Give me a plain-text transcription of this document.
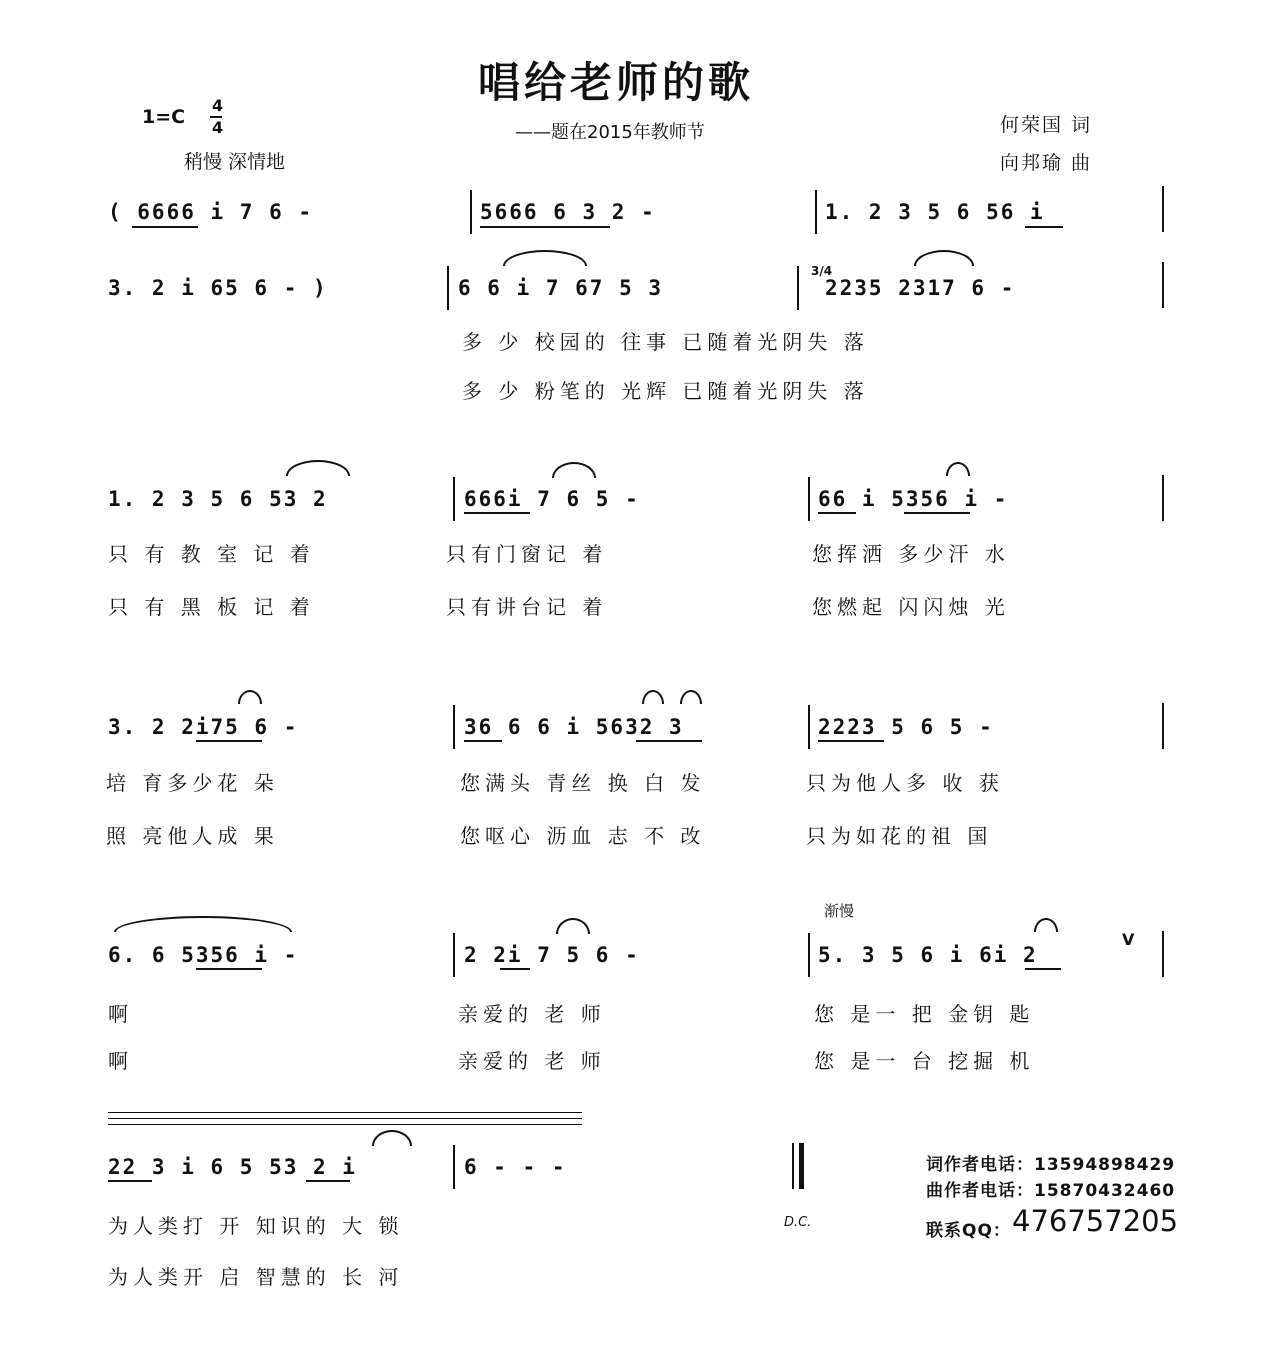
唱给老师的歌
——题在2015年教师节
1=C
4
4
稍慢 深情地
何荣国 词
向邦瑜 曲
( 6666 i 7 6 -	5666 6 3 2 -	1. 2 3 5 6 56 i
3. 2 i 65 6 - )	6 6 i 7 67 5 3
3/4
2235 2317 6 -
多 少 校园的 往事 已随着光阴失 落
多 少 粉笔的 光辉 已随着光阴失 落
1. 2 3 5 6 53 2	666i 7 6 5 -	66 i 5356 i -
只 有 教 室 记 着	只有门窗记 着	您挥洒 多少汗 水
只 有 黑 板 记 着	只有讲台记 着	您燃起 闪闪烛 光
3. 2 2i75 6 -	36 6 6 i 5632 3	2223 5 6 5 -
培 育多少花 朵	您满头 青丝 换 白 发	只为他人多 收 获
照 亮他人成 果	您呕心 沥血 志 不 改	只为如花的祖 国
渐慢
6. 6 5356 i -	2 2i 7 5 6 -	5. 3 5 6 i 6i 2
V
啊	亲爱的 老 师	您 是一 把 金钥 匙
啊	亲爱的 老 师	您 是一 台 挖掘 机
22 3 i 6 5 53 2 i	6 - - -
D.C.
为人类打 开 知识的 大 锁
为人类开 启 智慧的 长 河
词作者电话：13594898429
曲作者电话：15870432460
联系QQ： 476757205
